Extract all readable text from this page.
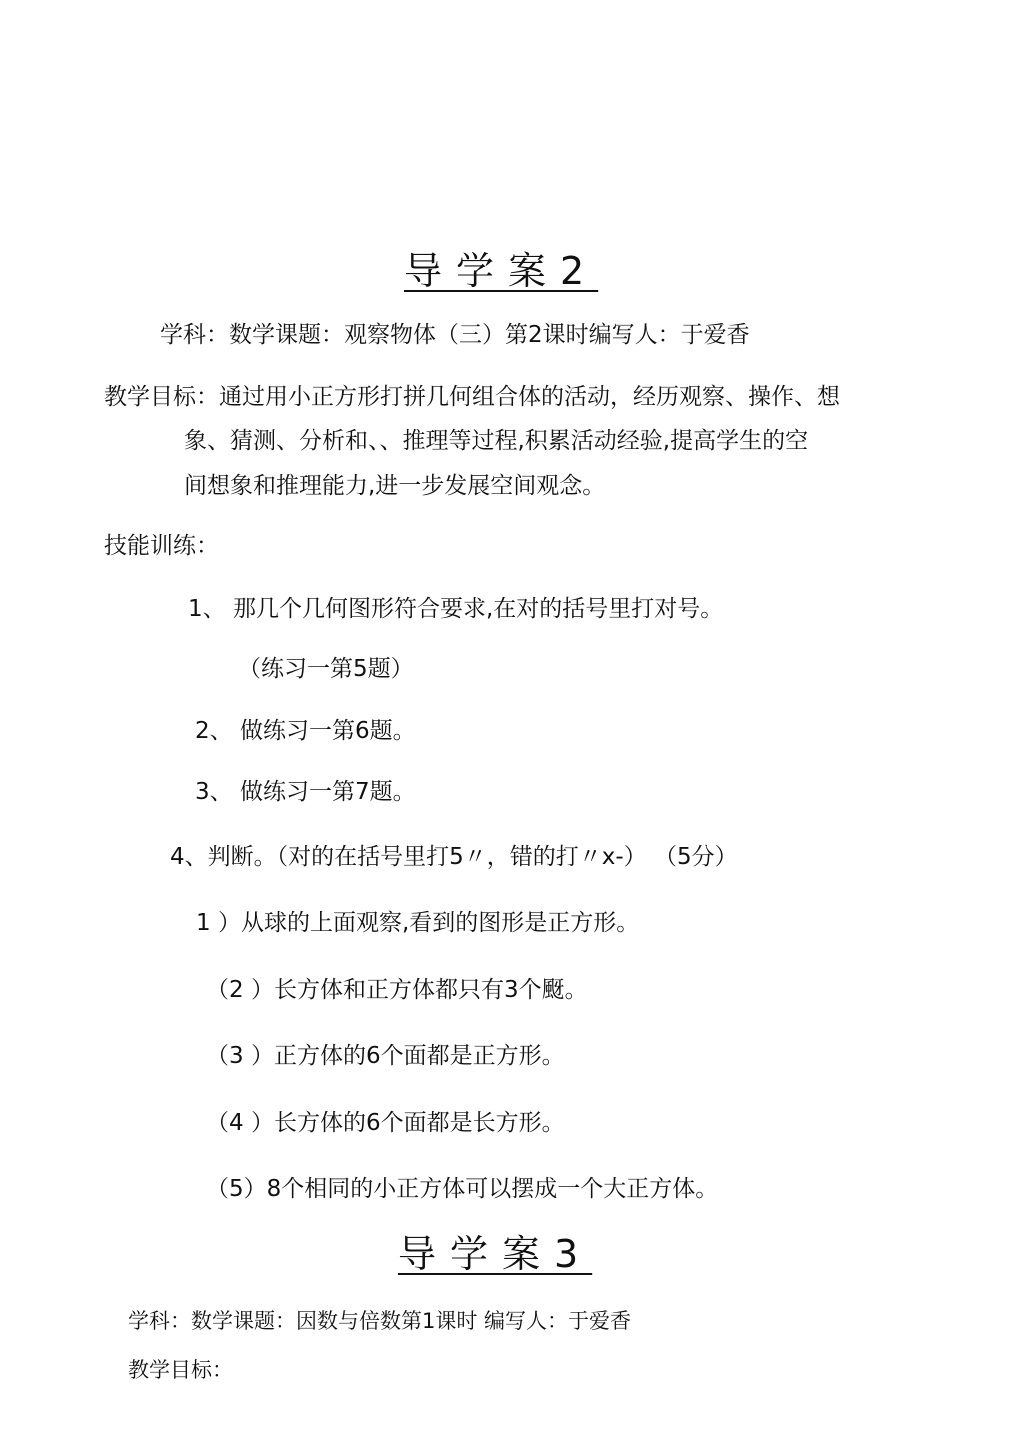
导学案2
学科：数学课题：观察物体（三）第2课时编写人：于爱香
教学目标：通过用小正方形打拼几何组合体的活动，经历观察、操作、想
象、猜测、分析和、、推理等过程,积累活动经验,提高学生的空
间想象和推理能力,进一步发展空间观念。
技能训练：
1、 那几个几何图形符合要求,在对的括号里打对号。
（练习一第5题）
2、 做练习一第6题。
3、 做练习一第7题。
4、判断。（对的在括号里打5〃，错的打〃x-） （5分）
1 ）从球的上面观察,看到的图形是正方形。
（2 ）长方体和正方体都只有3个颬。
（3 ）正方体的6个面都是正方形。
（4 ）长方体的6个面都是长方形。
（5）8个相同的小正方体可以摆成一个大正方体。
导学案3
学科：数学课题：因数与倍数第1课时 编写人：于爱香
教学目标：
